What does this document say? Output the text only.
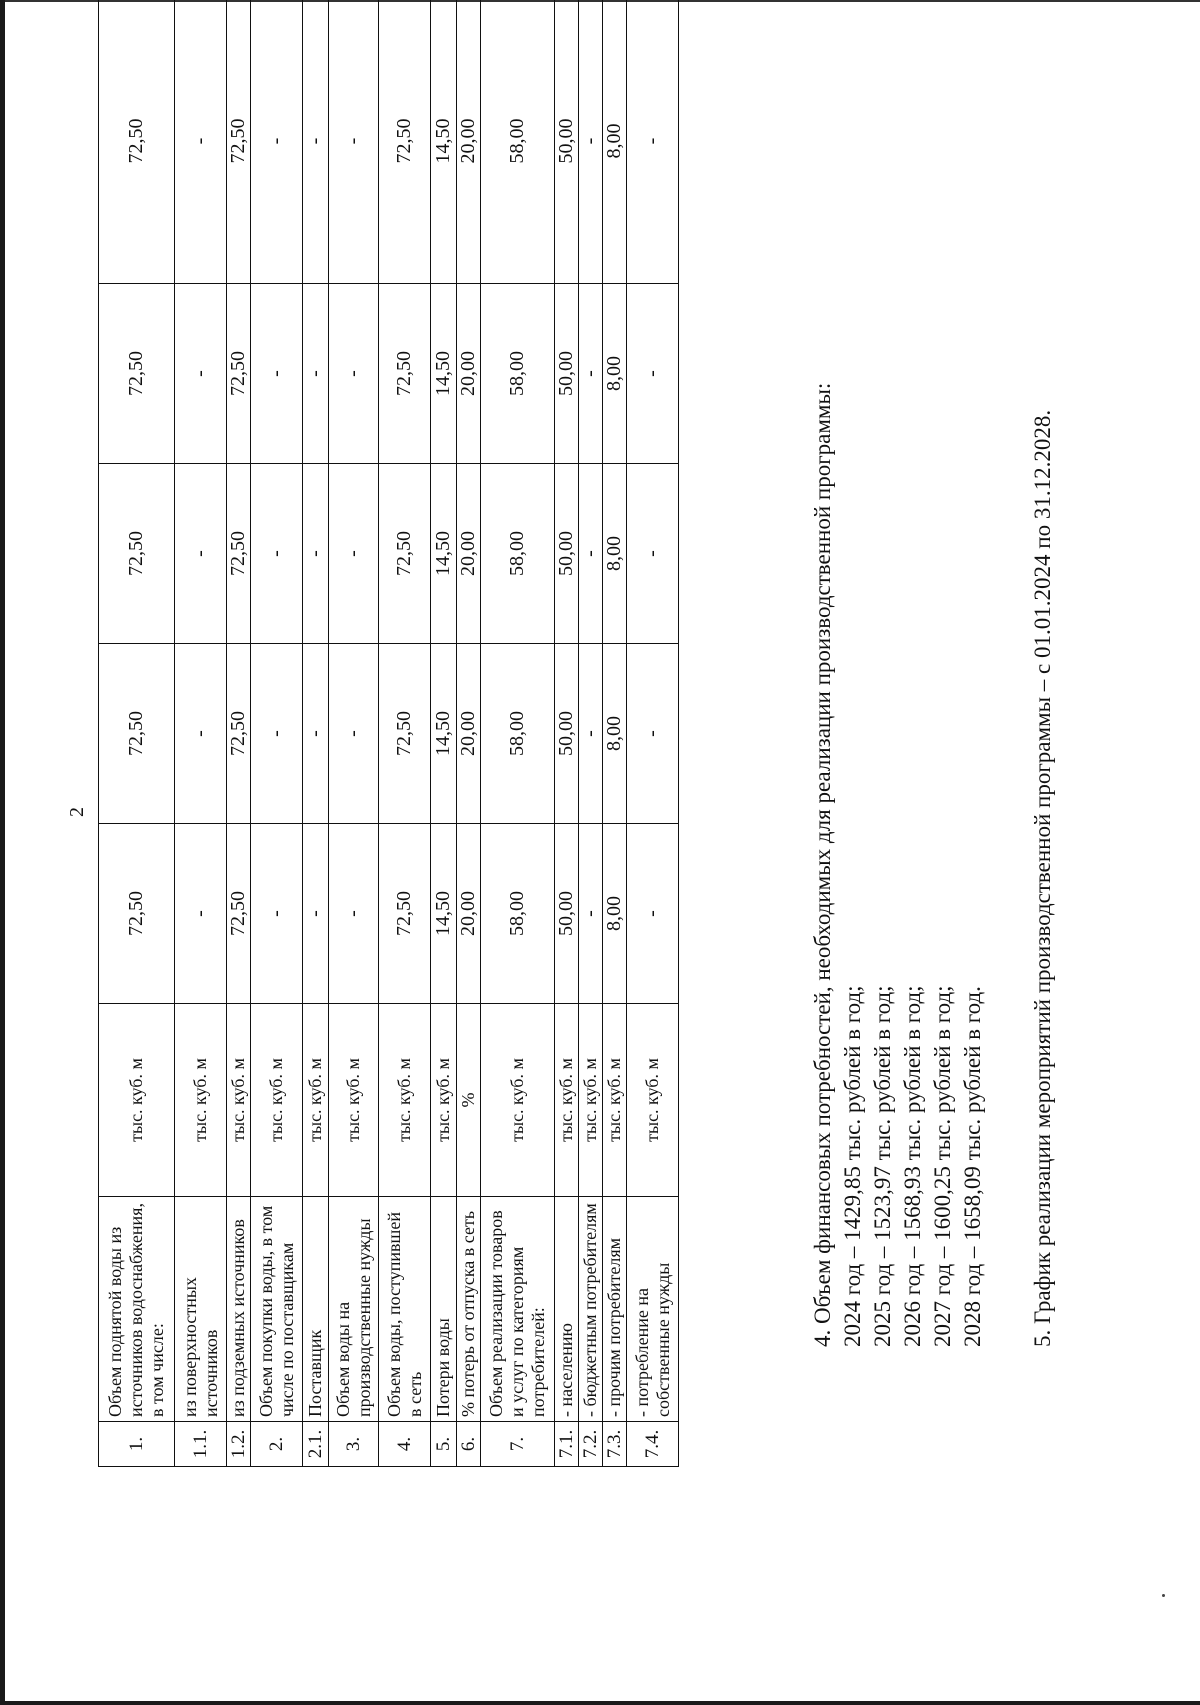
2
1.	Объем поднятой воды из источников водоснабжения, в том числе:	тыс. куб. м	72,50	72,50	72,50	72,50	72,50
1.1.	из поверхностных источников	тыс. куб. м	-	-	-	-	-
1.2.	из подземных источников	тыс. куб. м	72,50	72,50	72,50	72,50	72,50
2.	Объем покупки воды, в том числе по поставщикам	тыс. куб. м	-	-	-	-	-
2.1.	Поставщик	тыс. куб. м	-	-	-	-	-
3.	Объем воды на производственные нужды	тыс. куб. м	-	-	-	-	-
4.	Объем воды, поступившей в сеть	тыс. куб. м	72,50	72,50	72,50	72,50	72,50
5.	Потери воды	тыс. куб. м	14,50	14,50	14,50	14,50	14,50
6.	% потерь от отпуска в сеть	%	20,00	20,00	20,00	20,00	20,00
7.	Объем реализации товаров и услуг по категориям потребителей:	тыс. куб. м	58,00	58,00	58,00	58,00	58,00
7.1.	- населению	тыс. куб. м	50,00	50,00	50,00	50,00	50,00
7.2.	- бюджетным потребителям	тыс. куб. м	-	-	-	-	-
7.3.	- прочим потребителям	тыс. куб. м	8,00	8,00	8,00	8,00	8,00
7.4.	- потребление на собственные нужды	тыс. куб. м	-	-	-	-	-
4. Объем финансовых потребностей, необходимых для реализации производственной программы: 2024 год – 1429,85 тыс. рублей в год; 2025 год – 1523,97 тыс. рублей в год; 2026 год – 1568,93 тыс. рублей в год; 2027 год – 1600,25 тыс. рублей в год; 2028 год – 1658,09 тыс. рублей в год. 5. График реализации мероприятий производственной программы – с 01.01.2024 по 31.12.2028.
